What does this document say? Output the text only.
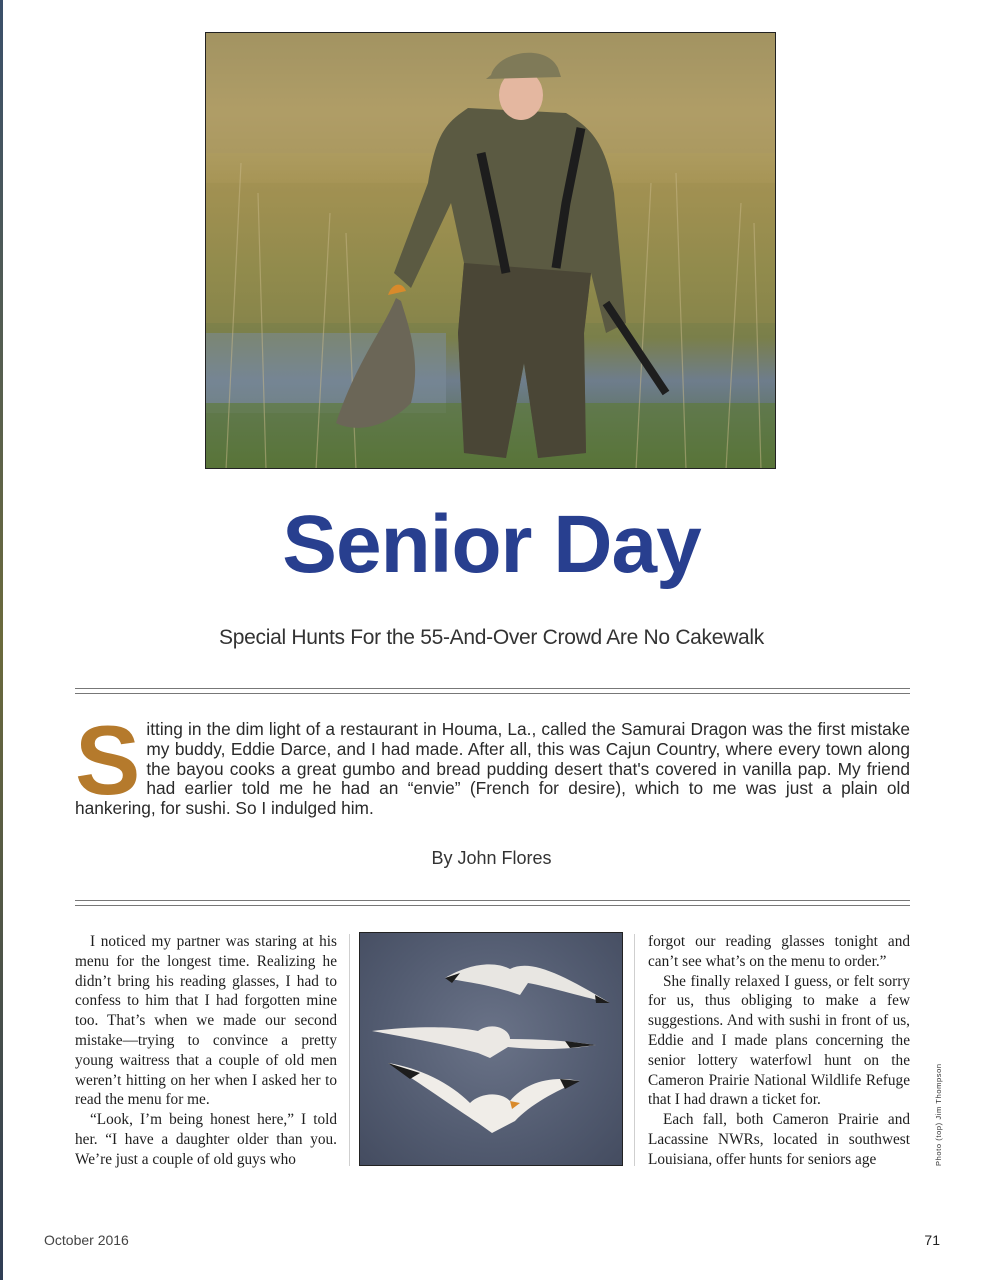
Senior Day
Special Hunts For the 55-And-Over Crowd Are No Cakewalk
Sitting in the dim light of a restaurant in Houma, La., called the Samurai Dragon was the first mistake my buddy, Eddie Darce, and I had made. After all, this was Cajun Country, where every town along the bayou cooks a great gumbo and bread pudding desert that's covered in vanilla pap. My friend had earlier told me he had an “envie” (French for desire), which to me was just a plain old hankering, for sushi. So I indulged him.
By John Flores

I noticed my partner was staring at his menu for the longest time. Realizing he didn’t bring his reading glasses, I had to confess to him that I had forgotten mine too. That’s when we made our second mistake—trying to convince a pretty young waitress that a couple of old men weren’t hitting on her when I asked her to read the menu for me.

“Look, I’m being honest here,” I told her. “I have a daughter older than you. We’re just a couple of old guys who

forgot our reading glasses tonight and can’t see what’s on the menu to order.”

She finally relaxed I guess, or felt sorry for us, thus obliging to make a few suggestions. And with sushi in front of us, Eddie and I made plans concerning the senior lottery waterfowl hunt on the Cameron Prairie National Wildlife Refuge that I had drawn a ticket for.

Each fall, both Cameron Prairie and Lacassine NWRs, located in southwest Louisiana, offer hunts for seniors age	Photo (top) Jim Thompson
October 2016	71
